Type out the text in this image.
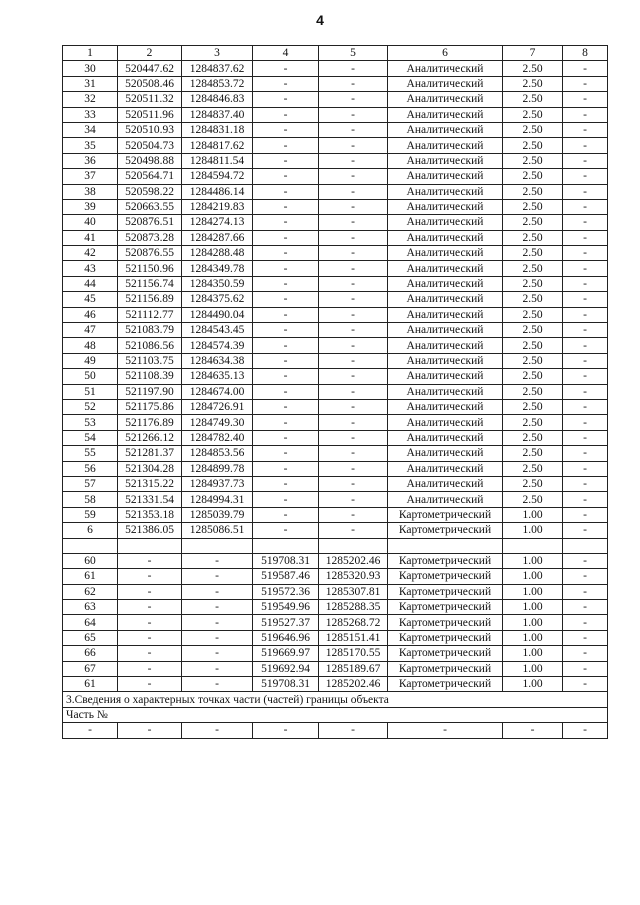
4
1	2	3	4	5	6	7	8
30	520447.62	1284837.62	-	-	Аналитический	2.50	-
31	520508.46	1284853.72	-	-	Аналитический	2.50	-
32	520511.32	1284846.83	-	-	Аналитический	2.50	-
33	520511.96	1284837.40	-	-	Аналитический	2.50	-
34	520510.93	1284831.18	-	-	Аналитический	2.50	-
35	520504.73	1284817.62	-	-	Аналитический	2.50	-
36	520498.88	1284811.54	-	-	Аналитический	2.50	-
37	520564.71	1284594.72	-	-	Аналитический	2.50	-
38	520598.22	1284486.14	-	-	Аналитический	2.50	-
39	520663.55	1284219.83	-	-	Аналитический	2.50	-
40	520876.51	1284274.13	-	-	Аналитический	2.50	-
41	520873.28	1284287.66	-	-	Аналитический	2.50	-
42	520876.55	1284288.48	-	-	Аналитический	2.50	-
43	521150.96	1284349.78	-	-	Аналитический	2.50	-
44	521156.74	1284350.59	-	-	Аналитический	2.50	-
45	521156.89	1284375.62	-	-	Аналитический	2.50	-
46	521112.77	1284490.04	-	-	Аналитический	2.50	-
47	521083.79	1284543.45	-	-	Аналитический	2.50	-
48	521086.56	1284574.39	-	-	Аналитический	2.50	-
49	521103.75	1284634.38	-	-	Аналитический	2.50	-
50	521108.39	1284635.13	-	-	Аналитический	2.50	-
51	521197.90	1284674.00	-	-	Аналитический	2.50	-
52	521175.86	1284726.91	-	-	Аналитический	2.50	-
53	521176.89	1284749.30	-	-	Аналитический	2.50	-
54	521266.12	1284782.40	-	-	Аналитический	2.50	-
55	521281.37	1284853.56	-	-	Аналитический	2.50	-
56	521304.28	1284899.78	-	-	Аналитический	2.50	-
57	521315.22	1284937.73	-	-	Аналитический	2.50	-
58	521331.54	1284994.31	-	-	Аналитический	2.50	-
59	521353.18	1285039.79	-	-	Картометрический	1.00	-
6	521386.05	1285086.51	-	-	Картометрический	1.00	-

60	-	-	519708.31	1285202.46	Картометрический	1.00	-
61	-	-	519587.46	1285320.93	Картометрический	1.00	-
62	-	-	519572.36	1285307.81	Картометрический	1.00	-
63	-	-	519549.96	1285288.35	Картометрический	1.00	-
64	-	-	519527.37	1285268.72	Картометрический	1.00	-
65	-	-	519646.96	1285151.41	Картометрический	1.00	-
66	-	-	519669.97	1285170.55	Картометрический	1.00	-
67	-	-	519692.94	1285189.67	Картометрический	1.00	-
61	-	-	519708.31	1285202.46	Картометрический	1.00	-
3.Сведения о характерных точках части (частей) границы объекта							
Часть №							
-	-	-	-	-	-	-	-
